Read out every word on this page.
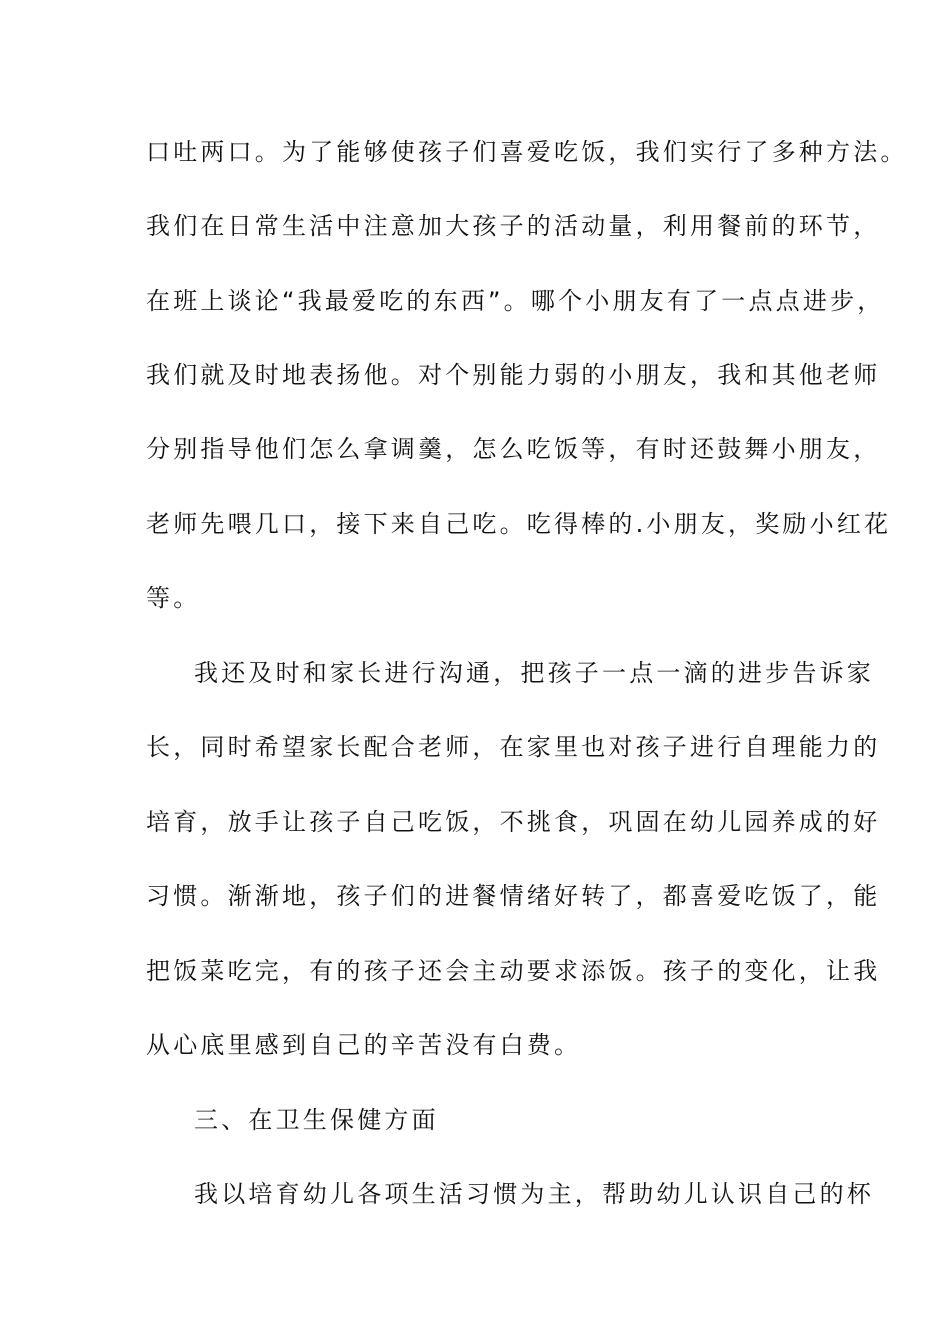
口吐两口。为了能够使孩子们喜爱吃饭，我们实行了多种方法。
我们在日常生活中注意加大孩子的活动量，利用餐前的环节，
在班上谈论“我最爱吃的东西”。哪个小朋友有了一点点进步，
我们就及时地表扬他。对个别能力弱的小朋友，我和其他老师
分别指导他们怎么拿调羹，怎么吃饭等，有时还鼓舞小朋友，
老师先喂几口，接下来自己吃。吃得棒的.小朋友，奖励小红花
等。
我还及时和家长进行沟通，把孩子一点一滴的进步告诉家
长，同时希望家长配合老师，在家里也对孩子进行自理能力的
培育，放手让孩子自己吃饭，不挑食，巩固在幼儿园养成的好
习惯。渐渐地，孩子们的进餐情绪好转了，都喜爱吃饭了，能
把饭菜吃完，有的孩子还会主动要求添饭。孩子的变化，让我
从心底里感到自己的辛苦没有白费。
三、在卫生保健方面
我以培育幼儿各项生活习惯为主，帮助幼儿认识自己的杯
